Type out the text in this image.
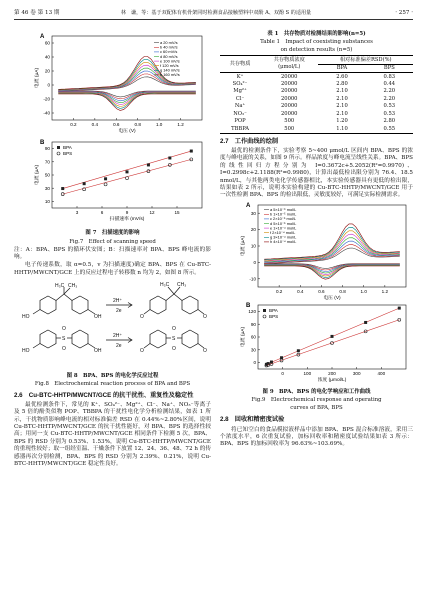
第 46 卷 第 13 期	林　谦，等：基于双配体有机骨架同时检测食品接触塑料中双酚 A、双酚 S 的适用量	· 257 ·
0.2	0.4	0.6	0.8	1.0	1.2
60
40
20
0
-20
-40
电压 (V)
电流 (μA)
A
a 20 mV/s
b 40 mV/s
c 60 mV/s
d 80 mV/s
e 100 mV/s
f 120 mV/s
g 140 mV/s
h 160 mV/s
3	6	9	12	15
90
70
50
30
10
扫描速率 (mV/s)
电流 (μA)
B
BPA
BPS
图 7　扫描速度的影响
Fig.7　Effect of scanning speed
注：A：BPA、BPS 的循环伏安图；B：扫描速率对 BPA、BPS 峰电流的影响。
电子传递系数，取 α=0.5，v 为扫描速度)确定 BPA、BPS 在 Cu-BTC-HHTP/MWCNT/GCE 上的反应过程电子转移数 n 均为 2，如图 8 所示。
H₃C CH₃
HO	OH
2H⁺
2e
H₃C CH₃
O	O
S
O
O
HO	OH
2H⁺
2e
S
O
O
O	O
图 8　BPA、BPS 的电化学反应过程
Fig.8　Electrochemical reaction process of BPA and BPS
2.6　Cu-BTC-HHTP/MWCNT/GCE 的抗干扰性、重复性及稳定性
最优检测条件下，常见的 K⁺、SO₄²⁻、Mg²⁺、Cl⁻、Na⁺、NO₃⁻等离子及 5 倍的酚类似物 POP、TBBPA 的干扰性电化学分析检测结果，如表 1 所示，干扰物质影响峰电流的相对标准偏差 RSD 在 0.44%~2.80%区间，说明 Cu-BTC-HHTP/MWCNT/GCE 的抗干扰性能好，对 BPA、BPS 的选择性较高；用同一支 Cu-BTC-HHTP/MWCNT/GCE 相同条件下检测 5 次，BPA、BPS 的 RSD 分别为 0.53%、1.53%，说明 Cu-BTC-HHTP/MWCNT/GCE 的重现性较好；取一组经室温、干燥条件下放置 12、24、36、48、72 h 的传感器再次分别检测，BPA、BPS 的 RSD 分别为 2.39%、0.21%，说明 Cu-BTC-HHTP/MWCNT/GCE 稳定性良好。
表 1　共存物质对检测结果的影响(n=5)
Table 1　Impact of coexisting substances
on detection results (n=5)
共存物质	共存物质浓度
(μmol/L)	相对标准偏差RSD(%)	
		BPA	BPS
K⁺	20000	2.60	0.83
SO₄²⁻	20000	2.80	0.44
Mg²⁺	20000	2.10	2.20
Cl⁻	20000	2.10	2.20
Na⁺	20000	2.10	0.53
NO₃⁻	20000	2.10	0.53
POP	500	1.20	2.80
TBBPA	500	1.10	0.55
2.7　工作曲线的绘制
最优的检测条件下，实验考察 5~400 μmol/L 区间内 BPA、BPS 的浓度与峰电流的关系，如图 9 所示。样品浓度与峰电流呈线性关系。BPA、BPS 的线性回归方程分别为 I=0.3672c+5.2052(R²=0.9970)、I=0.2998c+2.1188(R²=0.9980)，计算出最低检出限分别为 76.4、18.5 nmol/L，与其他两类电化学传感器相比，本实验传感器具有更低的检出限，结果如表 2 所示，说明本实验构建的 Cu-BTC-HHTP/MWCNT/GCE 用于一次性检测 BPA、BPS 的检出限低，灵敏度较好，可满足实际检测需求。
0.2	0.4	0.6	0.8	1.0	1.2
30
20
10
0
-10
电压 (V)
电流 (μA)
A
a 5×10⁻⁶ mol/L
b 1×10⁻⁵ mol/L
c 2×10⁻⁵ mol/L
d 5×10⁻⁵ mol/L
e 1×10⁻⁴ mol/L
f 2×10⁻⁴ mol/L
g 3×10⁻⁴ mol/L
h 4×10⁻⁴ mol/L
0	100	200	300	400
120
90
60
30
0
浓度 (μmol/L)
电流 (μA)
B
BPA
BPS
图 9　BPA、BPS 的电化学响应和工作曲线
Fig.9　Electrochemical response and operating
curves of BPA, BPS
2.8　回收和精密度试验
将已知空白的食品模拟液样品中添加 BPA、BPS 混合标准溶液，采用三个浓度水平，6 次重复试验，加标回收率和精密度试验结果如表 3 所示：BPA、BPS 的加标回收率为 96.63%~103.69%。
